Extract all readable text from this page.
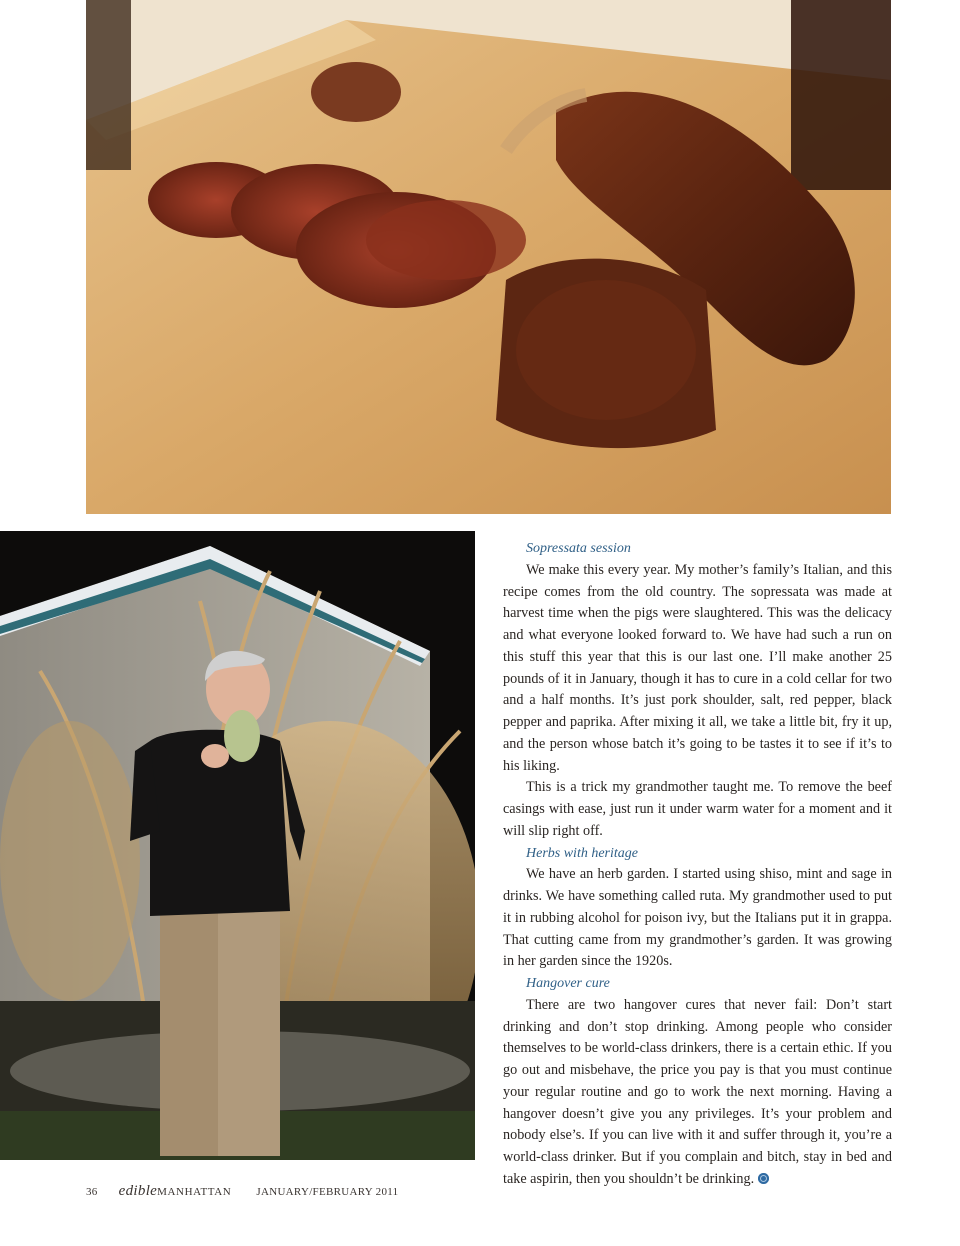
Sopressata session

We make this every year. My mother’s family’s Italian, and this recipe comes from the old country. The sopressata was made at harvest time when the pigs were slaughtered. This was the delicacy and what everyone looked forward to. We have had such a run on this stuff this year that this is our last one. I’ll make another 25 pounds of it in January, though it has to cure in a cold cellar for two and a half months. It’s just pork shoulder, salt, red pepper, black pepper and paprika. After mixing it all, we take a little bit, fry it up, and the person whose batch it’s going to be tastes it to see if it’s to his liking.

This is a trick my grandmother taught me. To remove the beef casings with ease, just run it under warm water for a moment and it will slip right off.

Herbs with heritage

We have an herb garden. I started using shiso, mint and sage in drinks. We have something called ruta. My grandmother used to put it in rubbing alcohol for poison ivy, but the Italians put it in grappa. That cutting came from my grandmother’s garden. It was growing in her garden since the 1920s.

Hangover cure

There are two hangover cures that never fail: Don’t start drinking and don’t stop drinking. Among people who consider themselves to be world-class drinkers, there is a certain ethic. If you go out and misbehave, the price you pay is that you must continue your regular routine and go to work the next morning. Having a hangover doesn’t give you any privileges. It’s your problem and nobody else’s. If you can live with it and suffer through it, you’re a world-class drinker. But if you complain and bitch, stay in bed and take aspirin, then you shouldn’t be drinking.

36 edibleMANHATTAN JANUARY/FEBRUARY 2011
